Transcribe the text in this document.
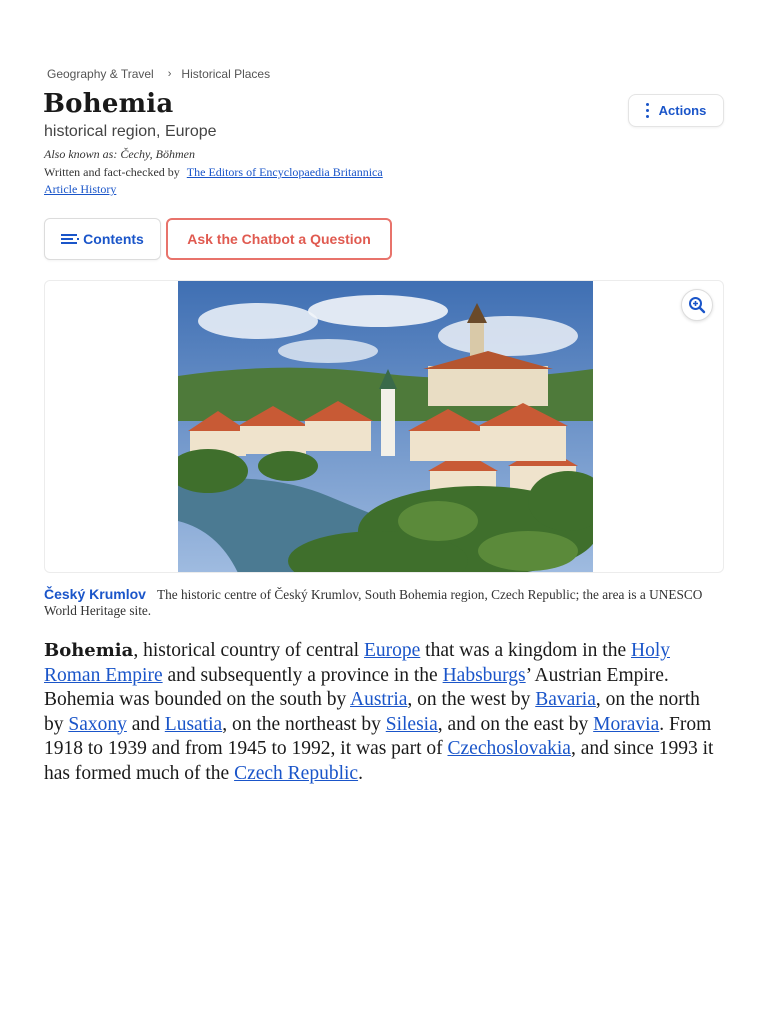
Geography & Travel › Historical Places
Bohemia
historical region, Europe
Also known as: Čechy, Böhmen
Written and fact-checked by The Editors of Encyclopaedia Britannica
Article History
Actions
Contents	Ask the Chatbot a Question

Český Krumlov The historic centre of Český Krumlov, South Bohemia region, Czech Republic; the area is a UNESCO World Heritage site.

Bohemia, historical country of central Europe that was a kingdom in the Holy Roman Empire and subsequently a province in the Habsburgs’ Austrian Empire. Bohemia was bounded on the south by Austria, on the west by Bavaria, on the north by Saxony and Lusatia, on the northeast by Silesia, and on the east by Moravia. From 1918 to 1939 and from 1945 to 1992, it was part of Czechoslovakia, and since 1993 it has formed much of the Czech Republic.
